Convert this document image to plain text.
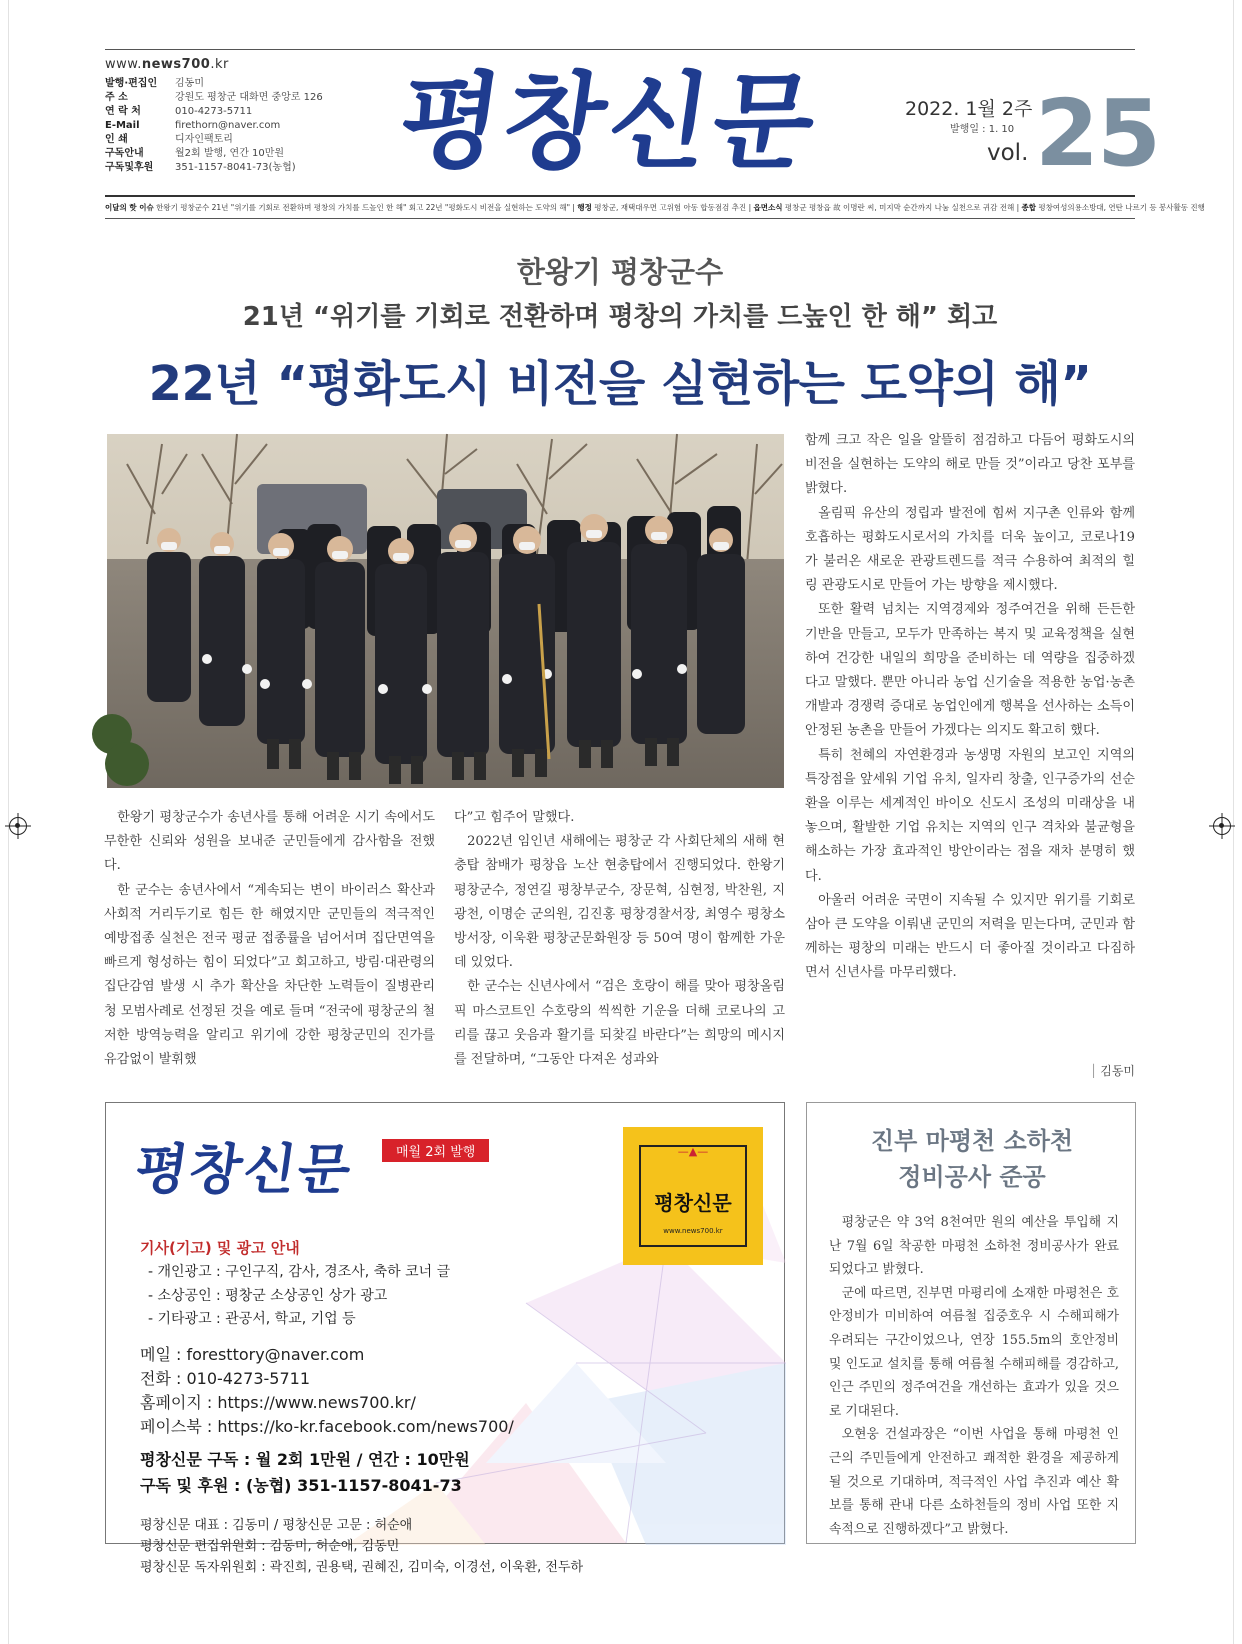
www.news700.kr
발행·편집인	김동미
주 소	강원도 평창군 대화면 중앙로 126
연 락 처	010-4273-5711
E-Mail	firethorn@naver.com
인 쇄	디자인팩토리
구독안내	월2회 발행, 연간 10만원
구독및후원	351-1157-8041-73(농협) 평창신문	2022. 1월 2주
발행일 : 1. 10
vol. 25
이달의 핫 이슈 한왕기 평창군수 21년 "위기를 기회로 전환하며 평창의 가치를 드높인 한 해" 회고 22년 "평화도시 비전을 실현하는 도약의 해" | 행정 평창군, 재택대우면 고위험 아동 합동점검 추진 | 읍면소식 평창군 평창읍 故 이명란 씨, 미지막 순간까지 나눔 실천으로 귀감 전해 | 종합 평창여성의용소방대, 연탄 나르기 등 봉사활동 진행
한왕기 평창군수
21년 “위기를 기회로 전환하며 평창의 가치를 드높인 한 해” 회고
22년 “평화도시 비전을 실현하는 도약의 해”

한왕기 평창군수가 송년사를 통해 어려운 시기 속에서도 무한한 신뢰와 성원을 보내준 군민들에게 감사함을 전했다.

한 군수는 송년사에서 “계속되는 변이 바이러스 확산과 사회적 거리두기로 힘든 한 해였지만 군민들의 적극적인 예방접종 실천은 전국 평균 접종률을 넘어서며 집단면역을 빠르게 형성하는 힘이 되었다”고 회고하고, 방림·대관령의 집단감염 발생 시 추가 확산을 차단한 노력들이 질병관리청 모범사례로 선정된 것을 예로 들며 “전국에 평창군의 철저한 방역능력을 알리고 위기에 강한 평창군민의 진가를 유감없이 발휘했

다”고 힘주어 말했다.

2022년 임인년 새해에는 평창군 각 사회단체의 새해 현충탑 참배가 평창읍 노산 현충탑에서 진행되었다. 한왕기 평창군수, 정연길 평창부군수, 장문혁, 심현정, 박찬원, 지광천, 이명순 군의원, 김진홍 평창경찰서장, 최영수 평창소방서장, 이욱환 평창군문화원장 등 50여 명이 함께한 가운데 있었다.

한 군수는 신년사에서 “검은 호랑이 해를 맞아 평창올림픽 마스코트인 수호랑의 씩씩한 기운을 더해 코로나의 고리를 끊고 웃음과 활기를 되찾길 바란다”는 희망의 메시지를 전달하며, “그동안 다져온 성과와

함께 크고 작은 일을 알뜰히 점검하고 다듬어 평화도시의 비전을 실현하는 도약의 해로 만들 것”이라고 당찬 포부를 밝혔다.

올림픽 유산의 정립과 발전에 힘써 지구촌 인류와 함께 호흡하는 평화도시로서의 가치를 더욱 높이고, 코로나19가 불러온 새로운 관광트렌드를 적극 수용하여 최적의 힐링 관광도시로 만들어 가는 방향을 제시했다.

또한 활력 넘치는 지역경제와 정주여건을 위해 든든한 기반을 만들고, 모두가 만족하는 복지 및 교육정책을 실현하여 건강한 내일의 희망을 준비하는 데 역량을 집중하겠다고 말했다. 뿐만 아니라 농업 신기술을 적용한 농업·농촌 개발과 경쟁력 증대로 농업인에게 행복을 선사하는 소득이 안정된 농촌을 만들어 가겠다는 의지도 확고히 했다.

특히 천혜의 자연환경과 농생명 자원의 보고인 지역의 특장점을 앞세워 기업 유치, 일자리 창출, 인구증가의 선순환을 이루는 세계적인 바이오 신도시 조성의 미래상을 내놓으며, 활발한 기업 유치는 지역의 인구 격차와 불균형을 해소하는 가장 효과적인 방안이라는 점을 재차 분명히 했다.

아울러 어려운 국면이 지속될 수 있지만 위기를 기회로 삼아 큰 도약을 이뤄낸 군민의 저력을 믿는다며, 군민과 함께하는 평창의 미래는 반드시 더 좋아질 것이라고 다짐하면서 신년사를 마무리했다.

│ 김동미
평창신문	매월 2회 발행	—▲—
평창신문
www.news700.kr
기사(기고) 및 광고 안내
- 개인광고 : 구인구직, 감사, 경조사, 축하 코너 글
- 소상공인 : 평창군 소상공인 상가 광고
- 기타광고 : 관공서, 학교, 기업 등
메일 : foresttory@naver.com
전화 : 010-4273-5711
홈페이지 : https://www.news700.kr/
페이스북 : https://ko-kr.facebook.com/news700/
평창신문 구독 : 월 2회 1만원 / 연간 : 10만원
구독 및 후원 : (농협) 351-1157-8041-73
평창신문 대표 : 김동미 / 평창신문 고문 : 허순애
평창신문 편집위원회 : 김동미, 허순애, 김동민
평창신문 독자위원회 : 곽진희, 권용택, 권혜진, 김미숙, 이경선, 이욱환, 전두하
진부 마평천 소하천
정비공사 준공

평창군은 약 3억 8천여만 원의 예산을 투입해 지난 7월 6일 착공한 마평천 소하천 정비공사가 완료되었다고 밝혔다.

군에 따르면, 진부면 마평리에 소재한 마평천은 호안정비가 미비하여 여름철 집중호우 시 수해피해가 우려되는 구간이었으나, 연장 155.5m의 호안정비 및 인도교 설치를 통해 여름철 수해피해를 경감하고, 인근 주민의 정주여건을 개선하는 효과가 있을 것으로 기대된다.

오현웅 건설과장은 “이번 사업을 통해 마평천 인근의 주민들에게 안전하고 쾌적한 환경을 제공하게 될 것으로 기대하며, 적극적인 사업 추진과 예산 확보를 통해 관내 다른 소하천들의 정비 사업 또한 지속적으로 진행하겠다”고 밝혔다.
